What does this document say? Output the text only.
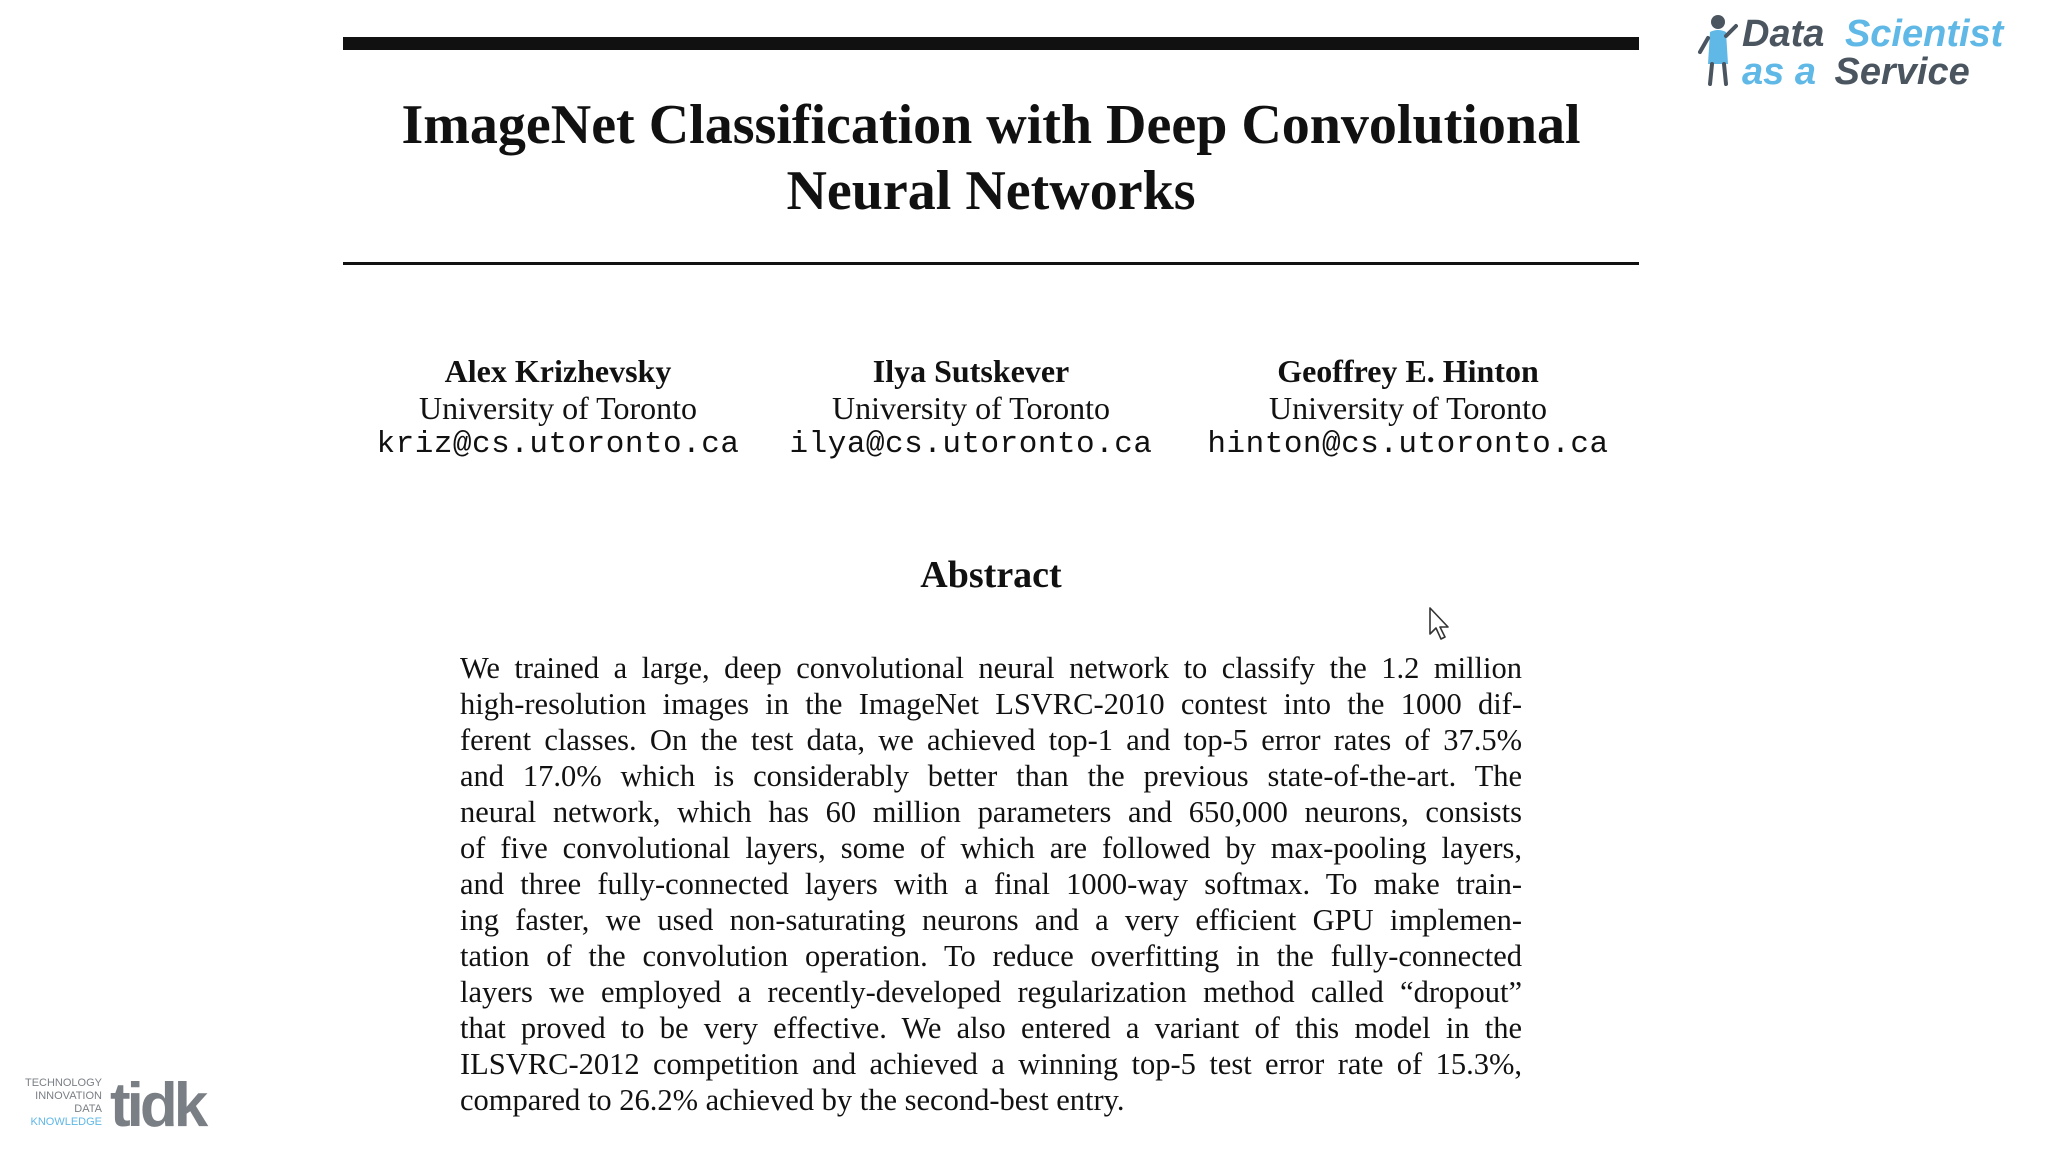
ImageNet Classification with Deep Convolutional
Neural Networks
Alex Krizhevsky
University of Toronto
kriz@cs.utoronto.ca
Ilya Sutskever
University of Toronto
ilya@cs.utoronto.ca
Geoffrey E. Hinton
University of Toronto
hinton@cs.utoronto.ca
Abstract
We trained a large, deep convolutional neural network to classify the 1.2 million
high-resolution images in the ImageNet LSVRC-2010 contest into the 1000 dif-
ferent classes. On the test data, we achieved top-1 and top-5 error rates of 37.5%
and 17.0% which is considerably better than the previous state-of-the-art. The
neural network, which has 60 million parameters and 650,000 neurons, consists
of five convolutional layers, some of which are followed by max-pooling layers,
and three fully-connected layers with a final 1000-way softmax. To make train-
ing faster, we used non-saturating neurons and a very efficient GPU implemen-
tation of the convolution operation. To reduce overfitting in the fully-connected
layers we employed a recently-developed regularization method called “dropout”
that proved to be very effective. We also entered a variant of this model in the
ILSVRC-2012 competition and achieved a winning top-5 test error rate of 15.3%,
compared to 26.2% achieved by the second-best entry.
Data Scientist
as a Service
TECHNOLOGY
INNOVATION
DATA
KNOWLEDGE tidk
